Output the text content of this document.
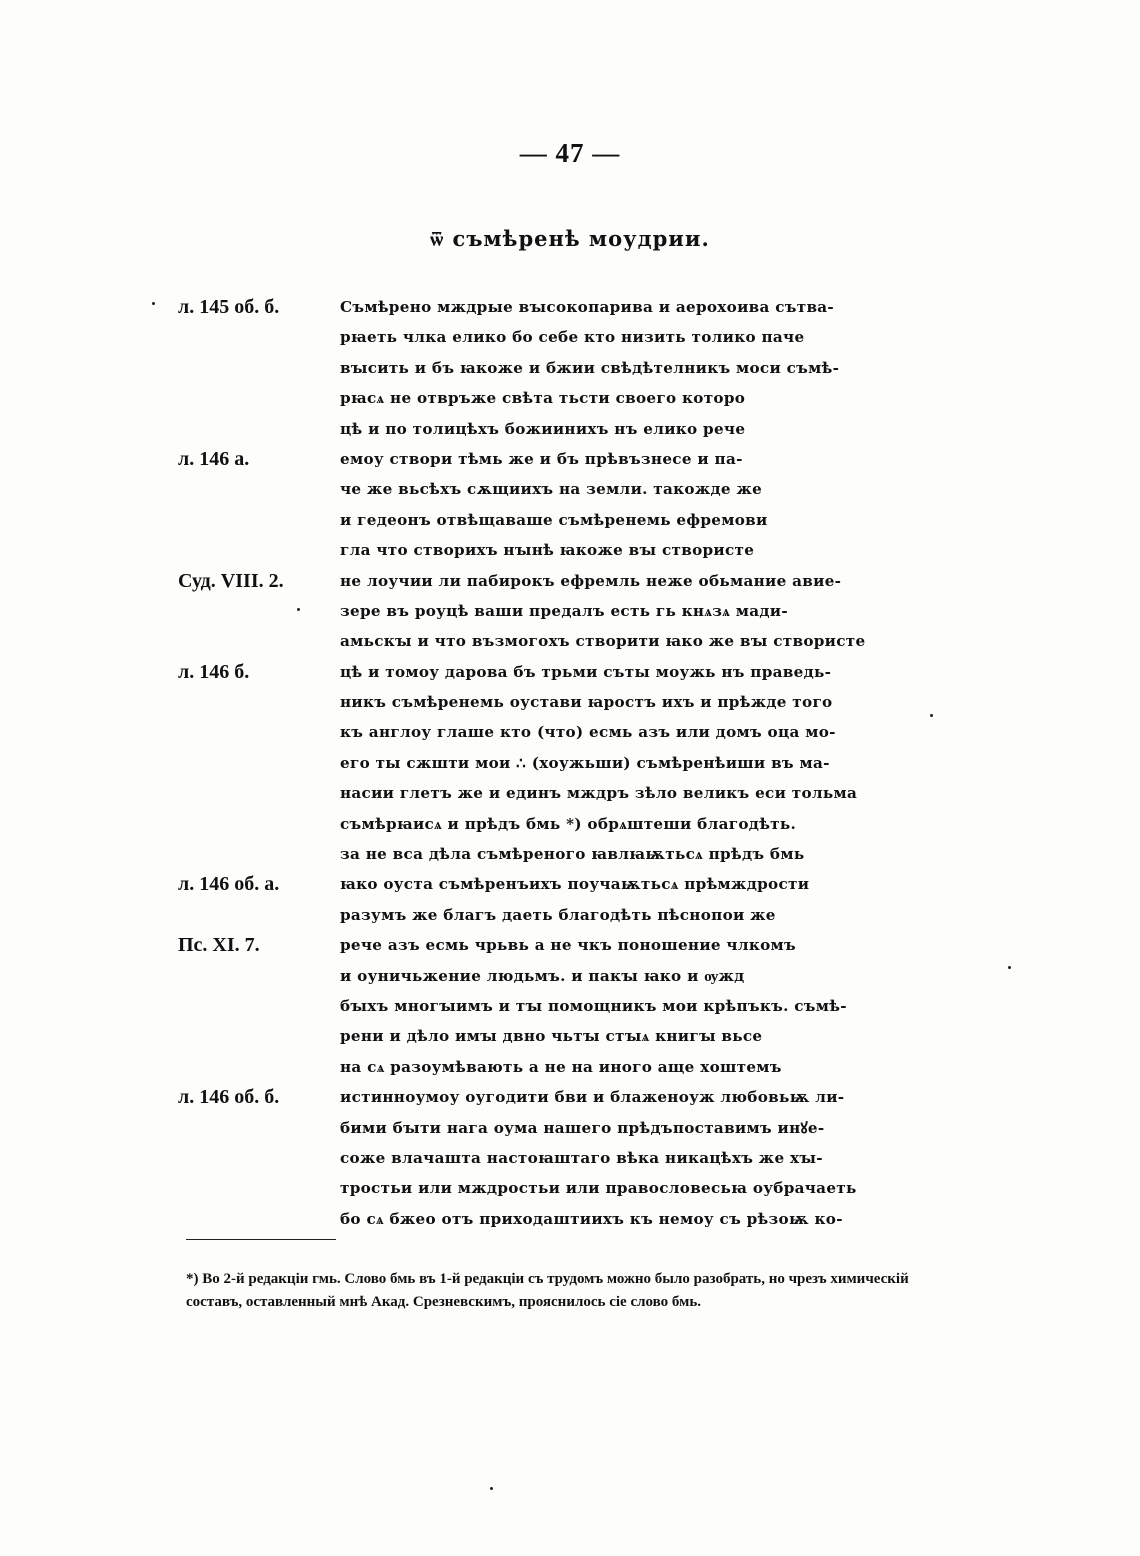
— 47 —
ѿ съмѣренѣ моудрии.
л. 145 об. б.	Съмѣрено мждрые вꙑсокопарива и аерохоива сътва-
рꙗеть члка елико бо себе кто низить толико паче
вꙑсить и бъ ꙗкоже и бжии свѣдѣтелникъ моси съмѣ-
рꙗсѧ не отвръже свѣта тьсти своего которо
цѣ и по толицѣхъ божиинихъ нъ елико рече
л. 146 а.	емоу створи тѣмь же и бъ прѣвъзнесе и па-
че же вьсѣхъ сѫщиихъ на земли. такожде же
и гедеонъ отвѣщаваше съмѣренемь ефремови
гла что створихъ нꙑнѣ ꙗкоже вꙑ створисте
Суд. VIII. 2.	не лоучии ли пабирокъ ефремль неже обьмание авие-
зере въ роуцѣ ваши предалъ есть гь кнѧзѧ мади-
амьскꙑ и что възмогохъ створити ꙗко же вꙑ створисте
л. 146 б.	цѣ и томоу дарова бъ трьми съты моужь нъ праведь-
никъ съмѣренемь оустави ꙗростъ ихъ и прѣжде того
къ англоу глаше кто (что) есмь азъ или домъ оца мо-
его ты сжшти мои ∴ (хоужьши) съмѣренѣиши въ ма-
насии глетъ же и единъ мждръ зѣло великъ еси тольма
съмѣрꙗисѧ и прѣдъ бмь *) обрѧштеши благодѣть.
за не вса дѣла съмѣреного ꙗвлꙗѭтьсѧ прѣдъ бмь
л. 146 об. а.	ꙗко оуста съмѣренъихъ поучаѭтьсѧ прѣмждрости
разумъ же благъ даеть благодѣть пѣснопои же
Пс. XI. 7.	рече азъ есмь чрьвь а не чкъ поношение члкомъ
и оуничьжение людьмъ. и пакꙑ ꙗко и ѹжд
бꙑхъ многꙑимъ и тꙑ помощникъ мои крѣпъкъ. съмѣ-
рени и дѣло имꙑ двно чьтꙑ стꙑѧ книгꙑ вьсе
на сѧ разоумѣвають а не на иного аще хоштемъ
л. 146 об. б.	истинноумоу оугодити бви и блаженоуж любовьѭ ли-
бими бꙑти нага оума нашего прѣдъпоставимъ инꙋе-
соже влачашта настоꙗштаго вѣка никацѣхъ же хꙑ-
тростьи или мждростьи или правословесьꙗ оубрачаеть
бо сѧ бжео отъ приходаштиихъ къ немоу съ рѣзоѭ ко-
*) Во 2-й редакціи гмь. Слово бмь въ 1-й редакціи съ трудомъ можно было разобрать, но чрезъ химическій составъ, оставленный мнѣ Акад. Срезневскимъ, прояснилось сіе слово бмь.
